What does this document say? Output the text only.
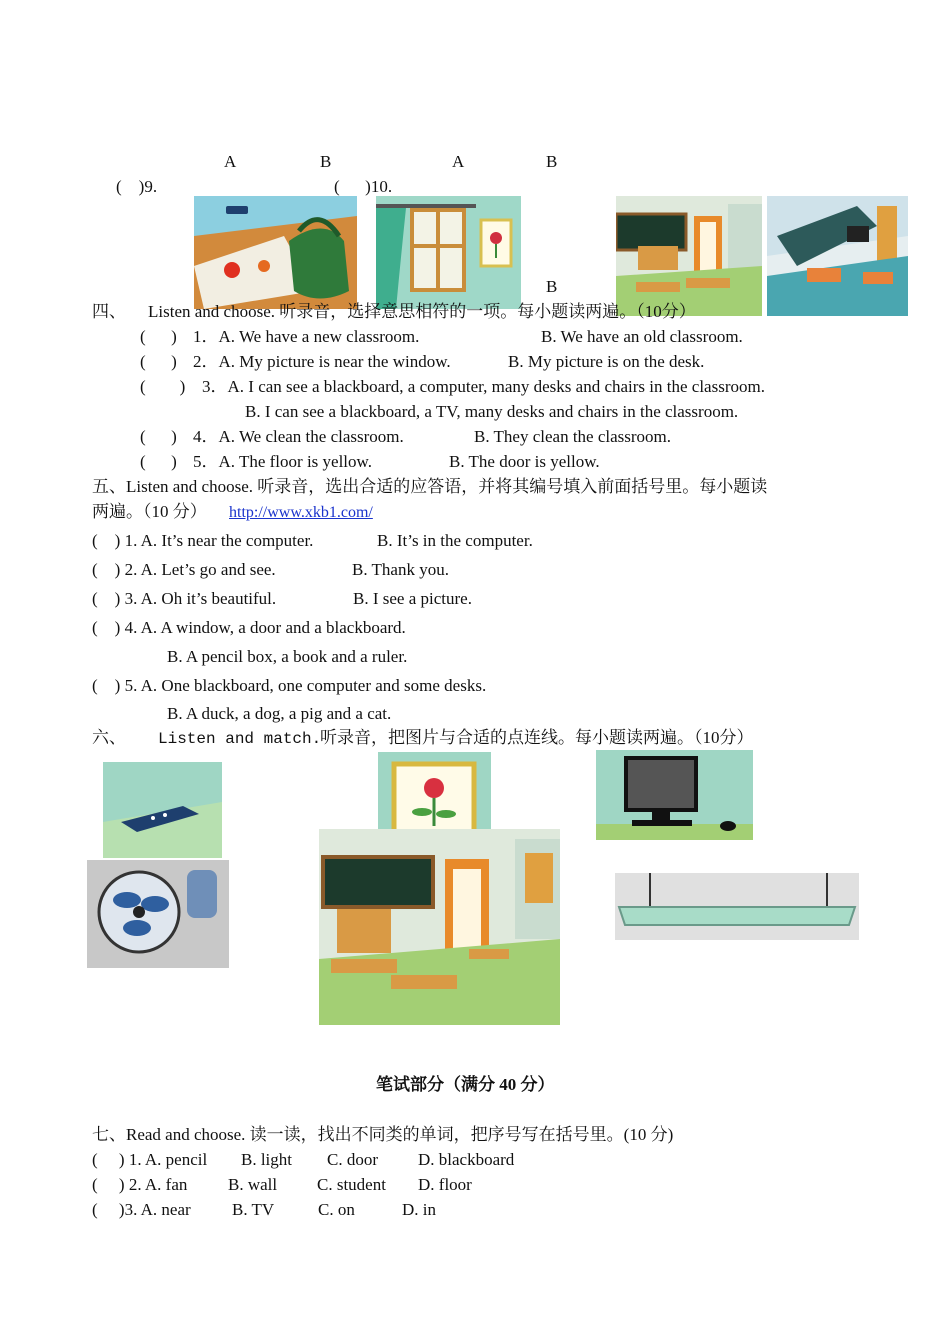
A	B	A	B
(    )9.	(      )10.
B
四、 Listen and choose. 听录音，选择意思相符的一项。每小题读两遍。（10分）
(      ) 1．A. We have a new classroom.	B. We have an old classroom.
(      ) 2．A. My picture is near the window.	B. My picture is on the desk.
(        ) 3．A. I can see a blackboard, a computer, many desks and chairs in the classroom.
B. I can see a blackboard, a TV, many desks and chairs in the classroom.
(      ) 4．A. We clean the classroom.	B. They clean the classroom.
(      ) 5．A. The floor is yellow.	B. The door is yellow.
五、Listen and choose. 听录音，选出合适的应答语，并将其编号填入前面括号里。每小题读
两遍。（10 分） http://www.xkb1.com/
(    ) 1. A. It’s near the computer.	B. It’s in the computer.
(    ) 2. A. Let’s go and see.	B. Thank you.
(    ) 3. A. Oh it’s beautiful.	B. I see a picture.
(    ) 4. A. A window, a door and a blackboard.
B. A pencil box, a book and a ruler.
(    ) 5. A. One blackboard, one computer and some desks.
B. A duck, a dog, a pig and a cat.
六、 Listen and match.
听录音，把图片与合适的点连线。每小题读两遍。（10分）
笔试部分（满分 40 分）
七、Read and choose. 读一读，找出不同类的单词，把序号写在括号里。(10 分)
(     ) 1. A. pencil B. light C. door D. blackboard
(     ) 2. A. fan B. wall C. student D. floor
(     )3. A. near B. TV	C. on	D. in
